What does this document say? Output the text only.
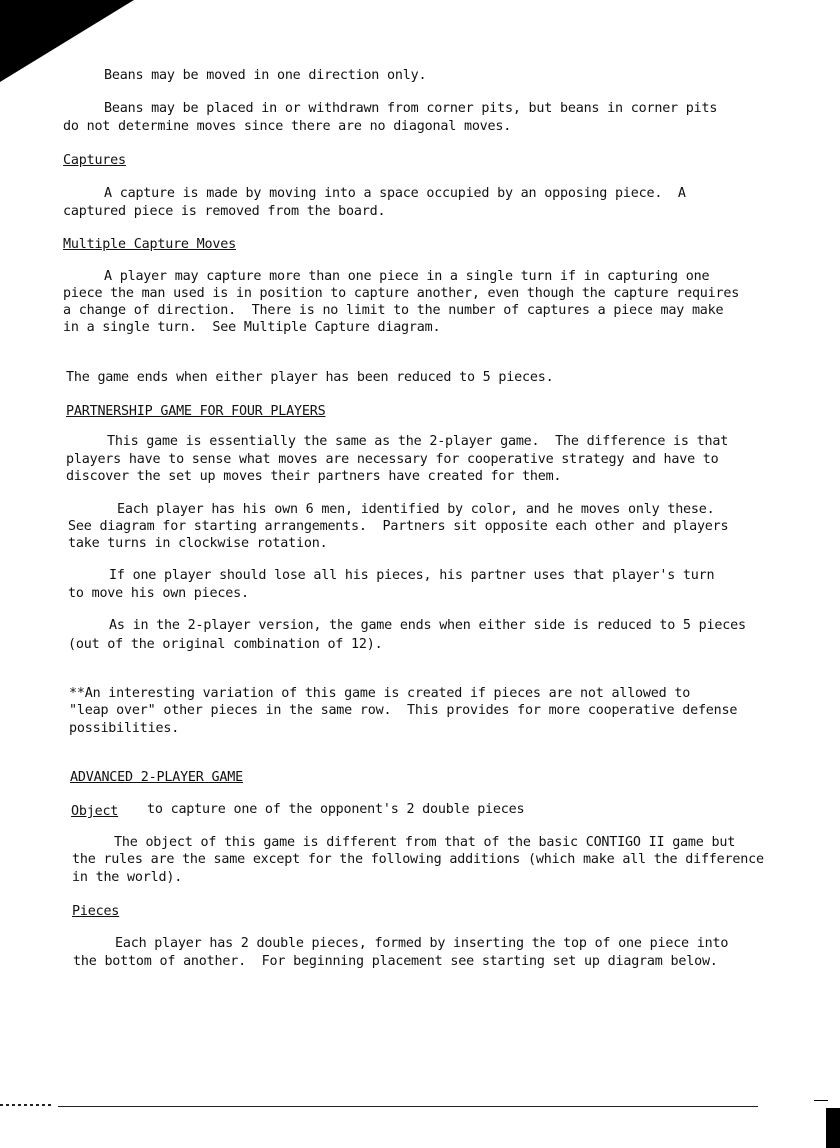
Beans may be moved in one direction only.

Beans may be placed in or withdrawn from corner pits, but beans in corner pits

do not determine moves since there are no diagonal moves.

Captures

A capture is made by moving into a space occupied by an opposing piece.  A

captured piece is removed from the board.

Multiple Capture Moves

A player may capture more than one piece in a single turn if in capturing one

piece the man used is in position to capture another, even though the capture requires

a change of direction.  There is no limit to the number of captures a piece may make

in a single turn.  See Multiple Capture diagram.

The game ends when either player has been reduced to 5 pieces.

PARTNERSHIP GAME FOR FOUR PLAYERS

This game is essentially the same as the 2-player game.  The difference is that

players have to sense what moves are necessary for cooperative strategy and have to

discover the set up moves their partners have created for them.

Each player has his own 6 men, identified by color, and he moves only these.

See diagram for starting arrangements.  Partners sit opposite each other and players

take turns in clockwise rotation.

If one player should lose all his pieces, his partner uses that player's turn

to move his own pieces.

As in the 2-player version, the game ends when either side is reduced to 5 pieces

(out of the original combination of 12).

**An interesting variation of this game is created if pieces are not allowed to

"leap over" other pieces in the same row.  This provides for more cooperative defense

possibilities.

ADVANCED 2-PLAYER GAME

Object to capture one of the opponent's 2 double pieces

The object of this game is different from that of the basic CONTIGO II game but

the rules are the same except for the following additions (which make all the difference

in the world).

Pieces

Each player has 2 double pieces, formed by inserting the top of one piece into

the bottom of another.  For beginning placement see starting set up diagram below.
